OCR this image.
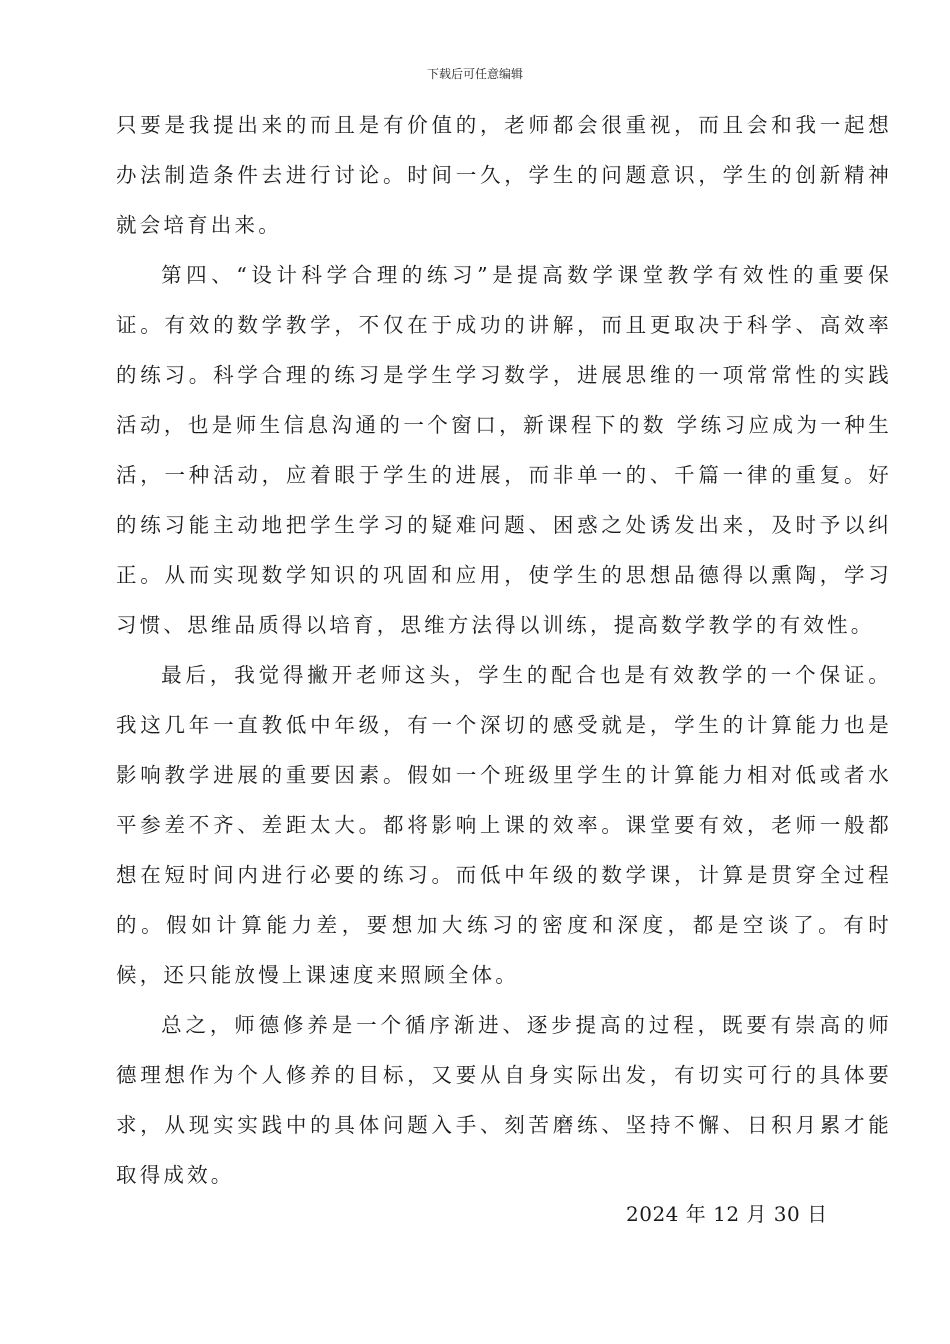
下载后可任意编辑

只要是我提出来的而且是有价值的，老师都会很重视，而且会和我一起想办法制造条件去进行讨论。时间一久，学生的问题意识，学生的创新精神就会培育出来。

第四、“设计科学合理的练习”是提高数学课堂教学有效性的重要保证。有效的数学教学，不仅在于成功的讲解，而且更取决于科学、高效率的练习。科学合理的练习是学生学习数学，进展思维的一项常常性的实践活动，也是师生信息沟通的一个窗口，新课程下的数 学练习应成为一种生活，一种活动，应着眼于学生的进展，而非单一的、千篇一律的重复。好的练习能主动地把学生学习的疑难问题、困惑之处诱发出来，及时予以纠正。从而实现数学知识的巩固和应用，使学生的思想品德得以熏陶，学习习惯、思维品质得以培育，思维方法得以训练，提高数学教学的有效性。

最后，我觉得撇开老师这头，学生的配合也是有效教学的一个保证。我这几年一直教低中年级，有一个深切的感受就是，学生的计算能力也是影响教学进展的重要因素。假如一个班级里学生的计算能力相对低或者水平参差不齐、差距太大。都将影响上课的效率。课堂要有效，老师一般都想在短时间内进行必要的练习。而低中年级的数学课，计算是贯穿全过程的。假如计算能力差，要想加大练习的密度和深度，都是空谈了。有时候，还只能放慢上课速度来照顾全体。

总之，师德修养是一个循序渐进、逐步提高的过程，既要有崇高的师德理想作为个人修养的目标，又要从自身实际出发，有切实可行的具体要求，从现实实践中的具体问题入手、刻苦磨练、坚持不懈、日积月累才能取得成效。

2024 年 12 月 30 日
